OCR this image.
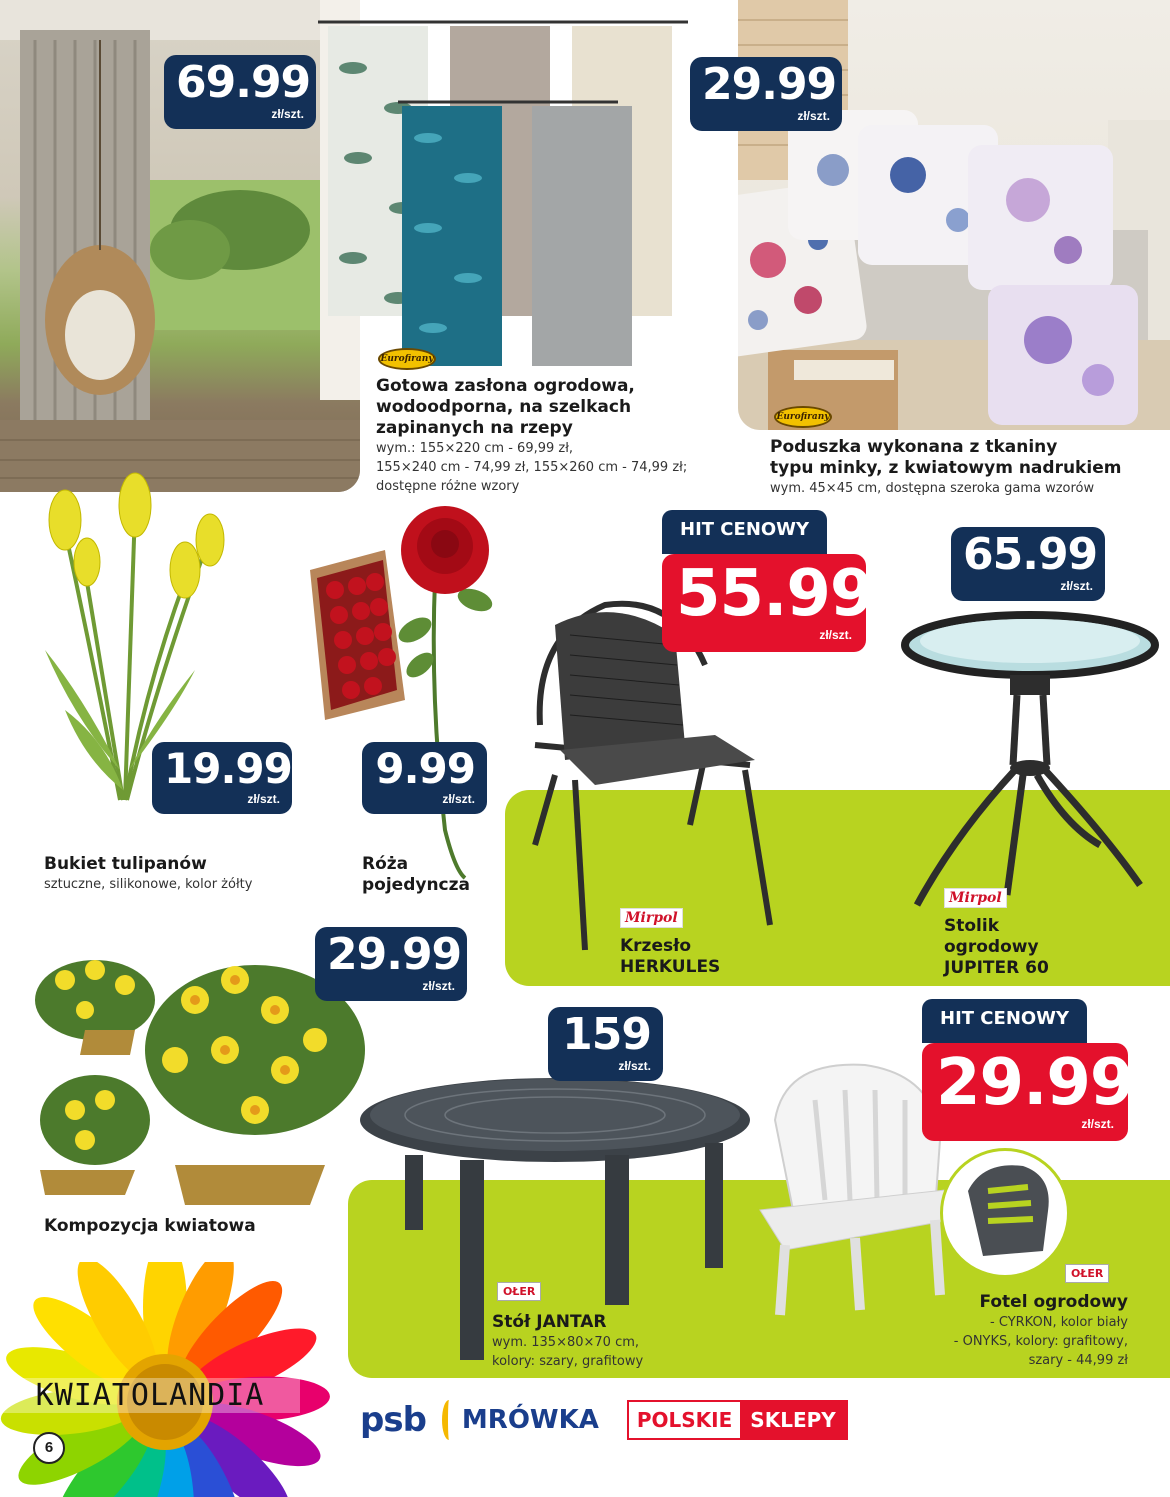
Eurofirany
69.99
zł/szt.
Gotowa zasłona ogrodowa,
wodoodporna, na szelkach
zapinanych na rzepy
wym.: 155×220 cm - 69,99 zł,
155×240 cm - 74,99 zł, 155×260 cm - 74,99 zł;
dostępne różne wzory
Eurofirany
29.99
zł/szt.
Poduszka wykonana z tkaniny
typu minky, z kwiatowym nadrukiem
wym. 45×45 cm, dostępna szeroka gama wzorów
19.99
zł/szt.
Bukiet tulipanów
sztuczne, silikonowe, kolor żółty
9.99
zł/szt.
Róża
pojedyncza
HIT CENOWY
55.99
zł/szt.
Mirpol
Krzesło
HERKULES
65.99
zł/szt.
Mirpol
Stolik
ogrodowy
JUPITER 60
29.99
zł/szt.
Kompozycja kwiatowa
159
zł/szt.
OŁER
Stół JANTAR
wym. 135×80×70 cm,
kolory: szary, grafitowy
HIT CENOWY
29.99
zł/szt.
OŁER
Fotel ogrodowy
- CYRKON, kolor biały
- ONYKS, kolory: grafitowy,
szary - 44,99 zł
KWIATOLANDIA
6
psb MRÓWKA	POLSKIE SKLEPY
